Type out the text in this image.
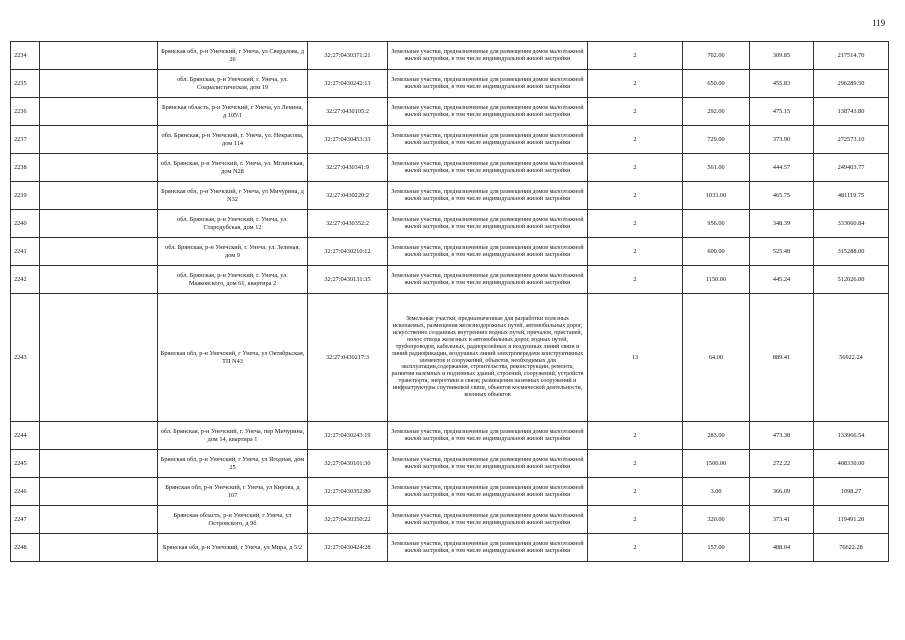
119
2234		Брянская обл, р-н Унечский, г Унеча, ул Свердлова, д 26	32:27:0430371:21	Земельные участки, предназначенные для размещения домов малоэтажной жилой застройки, в том числе индивидуальной жилой застройки	2	702.00	309.85	217514.70
2235		обл. Брянская, р-н Унечский, г. Унеча, ул. Социалистическая, дом 19	32:27:0430242:13	Земельные участки, предназначенные для размещения домов малоэтажной жилой застройки, в том числе индивидуальной жилой застройки	2	650.00	455.83	296289.50
2236		Брянская область, р-н Унечский, г Унеча, ул Ленина, д 105\1	32:27:0430105:2	Земельные участки, предназначенные для размещения домов малоэтажной жилой застройки, в том числе индивидуальной жилой застройки	2	292.00	475.15	138743.80
2237		обл. Брянская, р-н Унечский, г. Унеча, ул. Некрасова, дом 114	32:27:0430453:33	Земельные участки, предназначенные для размещения домов малоэтажной жилой застройки, в том числе индивидуальной жилой застройки	2	729.00	373.90	272573.10
2238		обл. Брянская, р-н Унечский, г. Унеча, ул. Мглинская, дом N28	32:27:0430341:9	Земельные участки, предназначенные для размещения домов малоэтажной жилой застройки, в том числе индивидуальной жилой застройки	2	561.00	444.57	249403.77
2239		Брянская обл, р-н Унечский, г Унеча, ул Мичурина, д N32	32:27:0430220:2	Земельные участки, предназначенные для размещения домов малоэтажной жилой застройки, в том числе индивидуальной жилой застройки	2	1033.00	465.75	481119.75
2240		обл. Брянская, р-н Унечский, г. Унеча, ул. Стародубская, дом 12	32:27:0430352:2	Земельные участки, предназначенные для размещения домов малоэтажной жилой застройки, в том числе индивидуальной жилой застройки	2	956.00	348.39	333060.84
2241		обл. Брянская, р-н Унечский, г. Унеча, ул. Зеленая, дом 9	32:27:0430210:12	Земельные участки, предназначенные для размещения домов малоэтажной жилой застройки, в том числе индивидуальной жилой застройки	2	600.00	525.48	315288.00
2242		обл. Брянская, р-н Унечский, г. Унеча, ул. Маяковского, дом 61, квартира 2	32:27:0430131:35	Земельные участки, предназначенные для размещения домов малоэтажной жилой застройки, в том числе индивидуальной жилой застройки	2	1150.00	445.24	512026.00
2243		Брянская обл, р-н Унечский, г Унеча, ул Октябрьская, ТП N43	32:27:0430217:3	Земельные участки, предназначенные для разработки полезных ископаемых, размещения железнодорожных путей, автомобильных дорог, искусственно созданных внутренних водных путей, причалов, пристаней, полос отвода железных и автомобильных дорог, водных путей, трубопроводов, кабельных, радиорелейных и воздушных линий связи и линий радиофикации, воздушных линий электропередачи конструктивных элементов и сооружений, объектов, необходимых для эксплуатации,содержания, строительства, реконструкции, ремонта, развития наземных и подземных зданий, строений, сооружений, устройств транспорта, энергетики и связи; размещения наземных сооружений и инфраструктуры спутниковой связи, объектов космической деятельности, военных объектов	13	64.00	889.41	56922.24
2244		обл. Брянская, р-н Унечский, г. Унеча, пер Мичурина, дом 14, квартира 1	32:27:0430243:19	Земельные участки, предназначенные для размещения домов малоэтажной жилой застройки, в том числе индивидуальной жилой застройки	2	283.00	473.38	133966.54
2245		Брянская обл, р-н Унечский, г Унеча, ул Ягодная, дом 25	32:27:0430101:30	Земельные участки, предназначенные для размещения домов малоэтажной жилой застройки, в том числе индивидуальной жилой застройки	2	1500.00	272.22	408330.00
2246		Брянская обл, р-н Унечский, г Унеча, ул Кирова, д 107	32:27:0430352:80	Земельные участки, предназначенные для размещения домов малоэтажной жилой застройки, в том числе индивидуальной жилой застройки	2	3.00	366.09	1098.27
2247		Брянская область, р-н Унечский, г Унеча, ул Островского, д 9б	32:27:0430350:22	Земельные участки, предназначенные для размещения домов малоэтажной жилой застройки, в том числе индивидуальной жилой застройки	2	320.00	373.41	119491.20
2248		Брянская обл, р-н Унечский, г Унеча, ул Мира, д 5/2	32:27:0430424:28	Земельные участки, предназначенные для размещения домов малоэтажной жилой застройки, в том числе индивидуальной жилой застройки	2	157.00	488.04	76622.28
